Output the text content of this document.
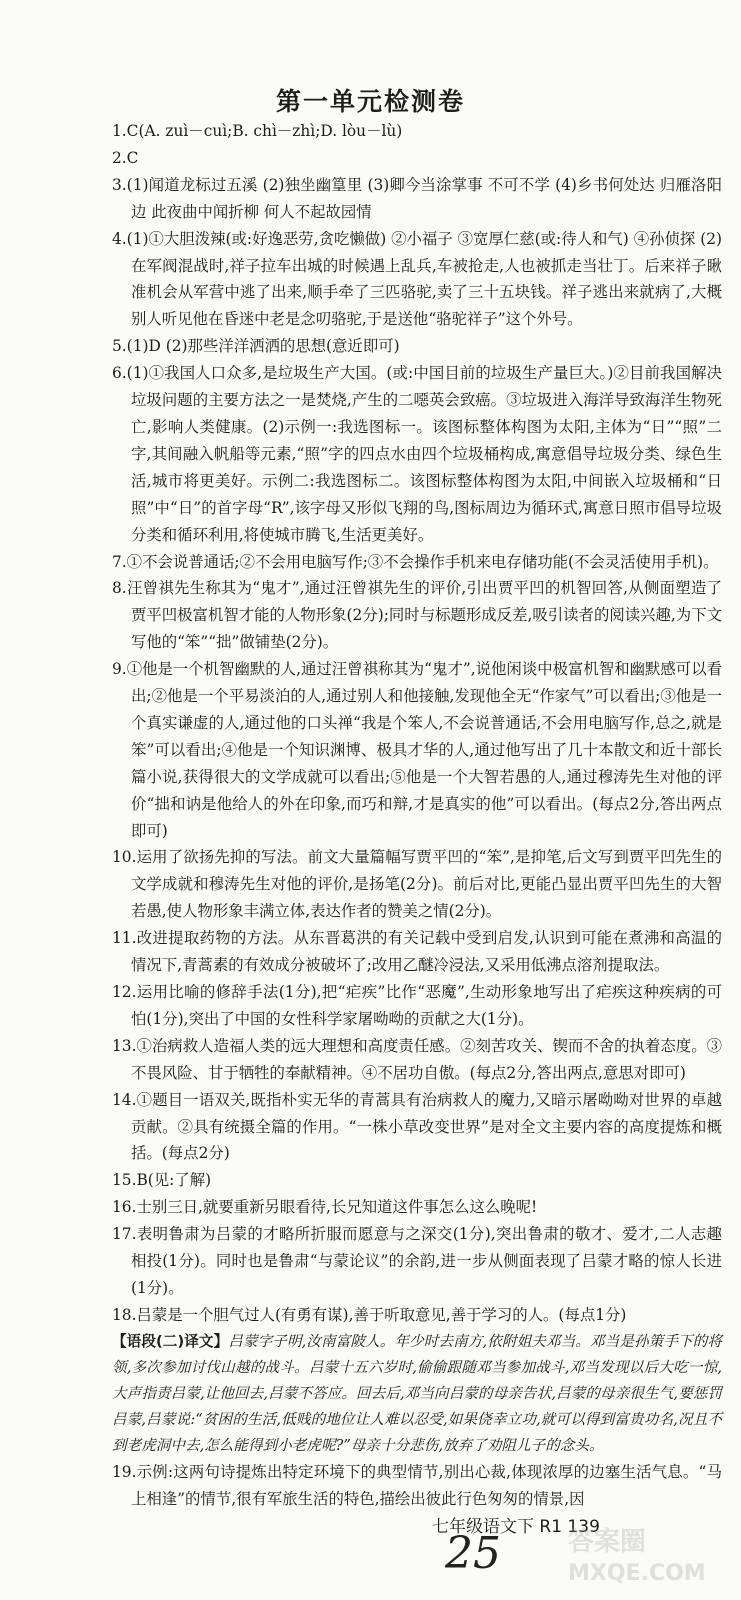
第一单元检测卷
1.C(A. zuì－cuì;B. chì－zhì;D. lòu－lù)
2.C
3.(1)闻道龙标过五溪 (2)独坐幽篁里 (3)卿今当涂掌事 不可不学 (4)乡书何处达 归雁洛阳边 此夜曲中闻折柳 何人不起故园情
4.(1)①大胆泼辣(或:好逸恶劳,贪吃懒做) ②小福子 ③宽厚仁慈(或:待人和气) ④孙侦探 (2)在军阀混战时,祥子拉车出城的时候遇上乱兵,车被抢走,人也被抓走当壮丁。后来祥子瞅准机会从军营中逃了出来,顺手牵了三匹骆驼,卖了三十五块钱。祥子逃出来就病了,大概别人听见他在昏迷中老是念叨骆驼,于是送他“骆驼祥子”这个外号。
5.(1)D (2)那些洋洋洒洒的思想(意近即可)
6.(1)①我国人口众多,是垃圾生产大国。(或:中国目前的垃圾生产量巨大。)②目前我国解决垃圾问题的主要方法之一是焚烧,产生的二噁英会致癌。③垃圾进入海洋导致海洋生物死亡,影响人类健康。(2)示例一:我选图标一。该图标整体构图为太阳,主体为“日”“照”二字,其间融入帆船等元素,“照”字的四点水由四个垃圾桶构成,寓意倡导垃圾分类、绿色生活,城市将更美好。示例二:我选图标二。该图标整体构图为太阳,中间嵌入垃圾桶和“日照”中“日”的首字母“R”,该字母又形似飞翔的鸟,图标周边为循环式,寓意日照市倡导垃圾分类和循环利用,将使城市腾飞,生活更美好。
7.①不会说普通话;②不会用电脑写作;③不会操作手机来电存储功能(不会灵活使用手机)。
8.汪曾祺先生称其为“鬼才”,通过汪曾祺先生的评价,引出贾平凹的机智回答,从侧面塑造了贾平凹极富机智才能的人物形象(2分);同时与标题形成反差,吸引读者的阅读兴趣,为下文写他的“笨”“拙”做铺垫(2分)。
9.①他是一个机智幽默的人,通过汪曾祺称其为“鬼才”,说他闲谈中极富机智和幽默感可以看出;②他是一个平易淡泊的人,通过别人和他接触,发现他全无“作家气”可以看出;③他是一个真实谦虚的人,通过他的口头禅“我是个笨人,不会说普通话,不会用电脑写作,总之,就是笨”可以看出;④他是一个知识渊博、极具才华的人,通过他写出了几十本散文和近十部长篇小说,获得很大的文学成就可以看出;⑤他是一个大智若愚的人,通过穆涛先生对他的评价“拙和讷是他给人的外在印象,而巧和辩,才是真实的他”可以看出。(每点2分,答出两点即可)
10.运用了欲扬先抑的写法。前文大量篇幅写贾平凹的“笨”,是抑笔,后文写到贾平凹先生的文学成就和穆涛先生对他的评价,是扬笔(2分)。前后对比,更能凸显出贾平凹先生的大智若愚,使人物形象丰满立体,表达作者的赞美之情(2分)。
11.改进提取药物的方法。从东晋葛洪的有关记载中受到启发,认识到可能在煮沸和高温的情况下,青蒿素的有效成分被破坏了;改用乙醚冷浸法,又采用低沸点溶剂提取法。
12.运用比喻的修辞手法(1分),把“疟疾”比作“恶魔”,生动形象地写出了疟疾这种疾病的可怕(1分),突出了中国的女性科学家屠呦呦的贡献之大(1分)。
13.①治病救人造福人类的远大理想和高度责任感。②刻苦攻关、锲而不舍的执着态度。③不畏风险、甘于牺牲的奉献精神。④不居功自傲。(每点2分,答出两点,意思对即可)
14.①题目一语双关,既指朴实无华的青蒿具有治病救人的魔力,又暗示屠呦呦对世界的卓越贡献。②具有统摄全篇的作用。“一株小草改变世界”是对全文主要内容的高度提炼和概括。(每点2分)
15.B(见:了解)
16.士别三日,就要重新另眼看待,长兄知道这件事怎么这么晚呢!
17.表明鲁肃为吕蒙的才略所折服而愿意与之深交(1分),突出鲁肃的敬才、爱才,二人志趣相投(1分)。同时也是鲁肃“与蒙论议”的余韵,进一步从侧面表现了吕蒙才略的惊人长进(1分)。
18.吕蒙是一个胆气过人(有勇有谋),善于听取意见,善于学习的人。(每点1分)
【语段(二)译文】吕蒙字子明,汝南富陂人。年少时去南方,依附姐夫邓当。邓当是孙策手下的将领,多次参加讨伐山越的战斗。吕蒙十五六岁时,偷偷跟随邓当参加战斗,邓当发现以后大吃一惊,大声指责吕蒙,让他回去,吕蒙不答应。回去后,邓当向吕蒙的母亲告状,吕蒙的母亲很生气,要惩罚吕蒙,吕蒙说:“贫困的生活,低贱的地位让人难以忍受,如果侥幸立功,就可以得到富贵功名,况且不到老虎洞中去,怎么能得到小老虎呢?”母亲十分悲伤,放弃了劝阻儿子的念头。
19.示例:这两句诗提炼出特定环境下的典型情节,别出心裁,体现浓厚的边塞生活气息。“马上相逢”的情节,很有军旅生活的特色,描绘出彼此行色匆匆的情景,因
七年级语文下 R1 139
25	答案圈
MXQE.COM
